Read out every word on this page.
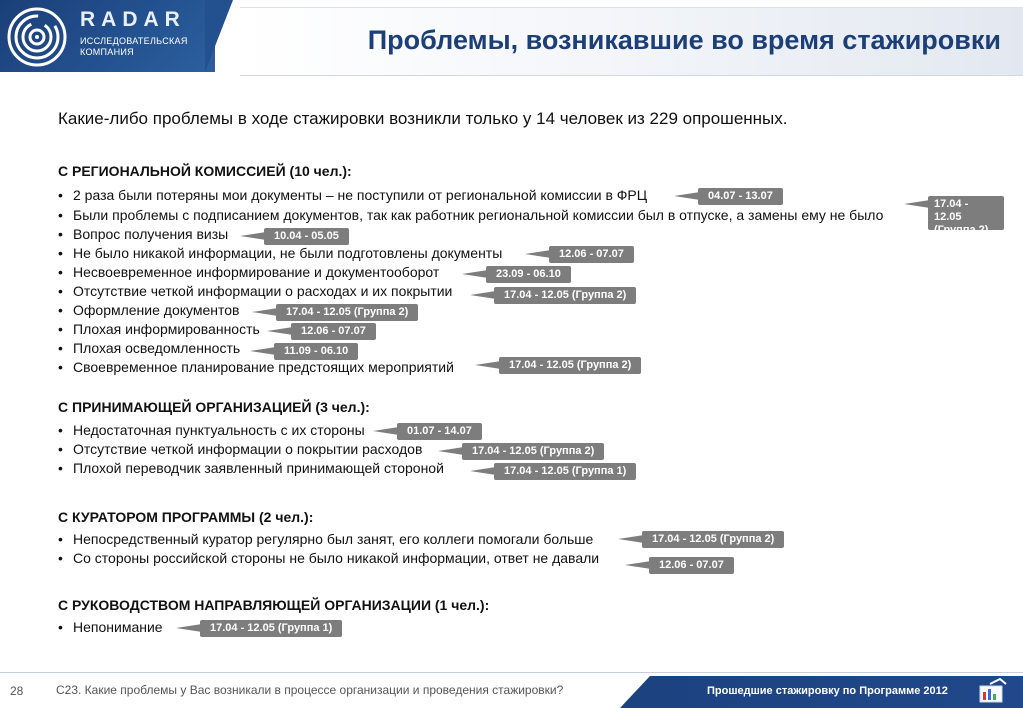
RADAR
ИССЛЕДОВАТЕЛЬСКАЯ
КОМПАНИЯ	Проблемы, возникавшие во время стажировки
Какие-либо проблемы в ходе стажировки возникли только у 14 человек из 229 опрошенных.
С РЕГИОНАЛЬНОЙ КОМИССИЕЙ (10 чел.):
• 2 раза были потеряны мои документы – не поступили от региональной комиссии в ФРЦ	04.07 - 13.07
• Были проблемы с подписанием документов, так как работник региональной комиссии был в отпуске, а замены ему не было
17.04 - 12.05 (Группа 2)
• Вопрос получения визы	10.04 - 05.05
• Не было никакой информации, не были подготовлены документы	12.06 - 07.07
• Несвоевременное информирование и документооборот	23.09 - 06.10
• Отсутствие четкой информации о расходах и их покрытии	17.04 - 12.05 (Группа 2)
• Оформление документов	17.04 - 12.05 (Группа 2)
• Плохая информированность	12.06 - 07.07
• Плохая осведомленность	11.09 - 06.10
• Своевременное планирование предстоящих мероприятий	17.04 - 12.05 (Группа 2)
С ПРИНИМАЮЩЕЙ ОРГАНИЗАЦИЕЙ (3 чел.):
• Недостаточная пунктуальность с их стороны	01.07 - 14.07
• Отсутствие четкой информации о покрытии расходов	17.04 - 12.05 (Группа 2)
• Плохой переводчик заявленный принимающей стороной	17.04 - 12.05 (Группа 1)
С КУРАТОРОМ ПРОГРАММЫ (2 чел.):
• Непосредственный куратор регулярно был занят, его коллеги помогали больше	17.04 - 12.05 (Группа 2)
• Со стороны российской стороны не было никакой информации, ответ не давали	12.06 - 07.07
С РУКОВОДСТВОМ НАПРАВЛЯЮЩЕЙ ОРГАНИЗАЦИИ (1 чел.):
• Непонимание	17.04 - 12.05 (Группа 1)
28	С23. Какие проблемы у Вас возникали в процессе организации и проведения стажировки?	Прошедшие стажировку по Программе 2012
